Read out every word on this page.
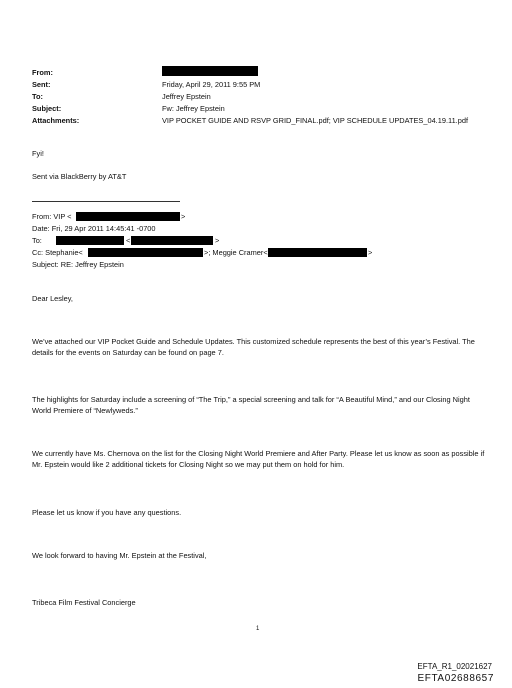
From:
Sent:	Friday, April 29, 2011 9:55 PM
To:	Jeffrey Epstein
Subject:	Fw: Jeffrey Epstein
Attachments:	VIP POCKET GUIDE AND RSVP GRID_FINAL.pdf; VIP SCHEDULE UPDATES_04.19.11.pdf
Fyi!
Sent via BlackBerry by AT&T
From: VIP <	>
Date: Fri, 29 Apr 2011 14:45:41 -0700
To:	<	>
Cc: Stephanie<	>; Meggie Cramer<	>
Subject: RE: Jeffrey Epstein
Dear Lesley,
We’ve attached our VIP Pocket Guide and Schedule Updates. This customized schedule represents the best of this year’s Festival. The details for the events on Saturday can be found on page 7.
The highlights for Saturday include a screening of “The Trip,” a special screening and talk for “A Beautiful Mind,” and our Closing Night World Premiere of “Newlyweds.”
We currently have Ms. Chernova on the list for the Closing Night World Premiere and After Party. Please let us know as soon as possible if Mr. Epstein would like 2 additional tickets for Closing Night so we may put them on hold for him.
Please let us know if you have any questions.
We look forward to having Mr. Epstein at the Festival,
Tribeca Film Festival Concierge
1
EFTA_R1_02021627
EFTA02688657
